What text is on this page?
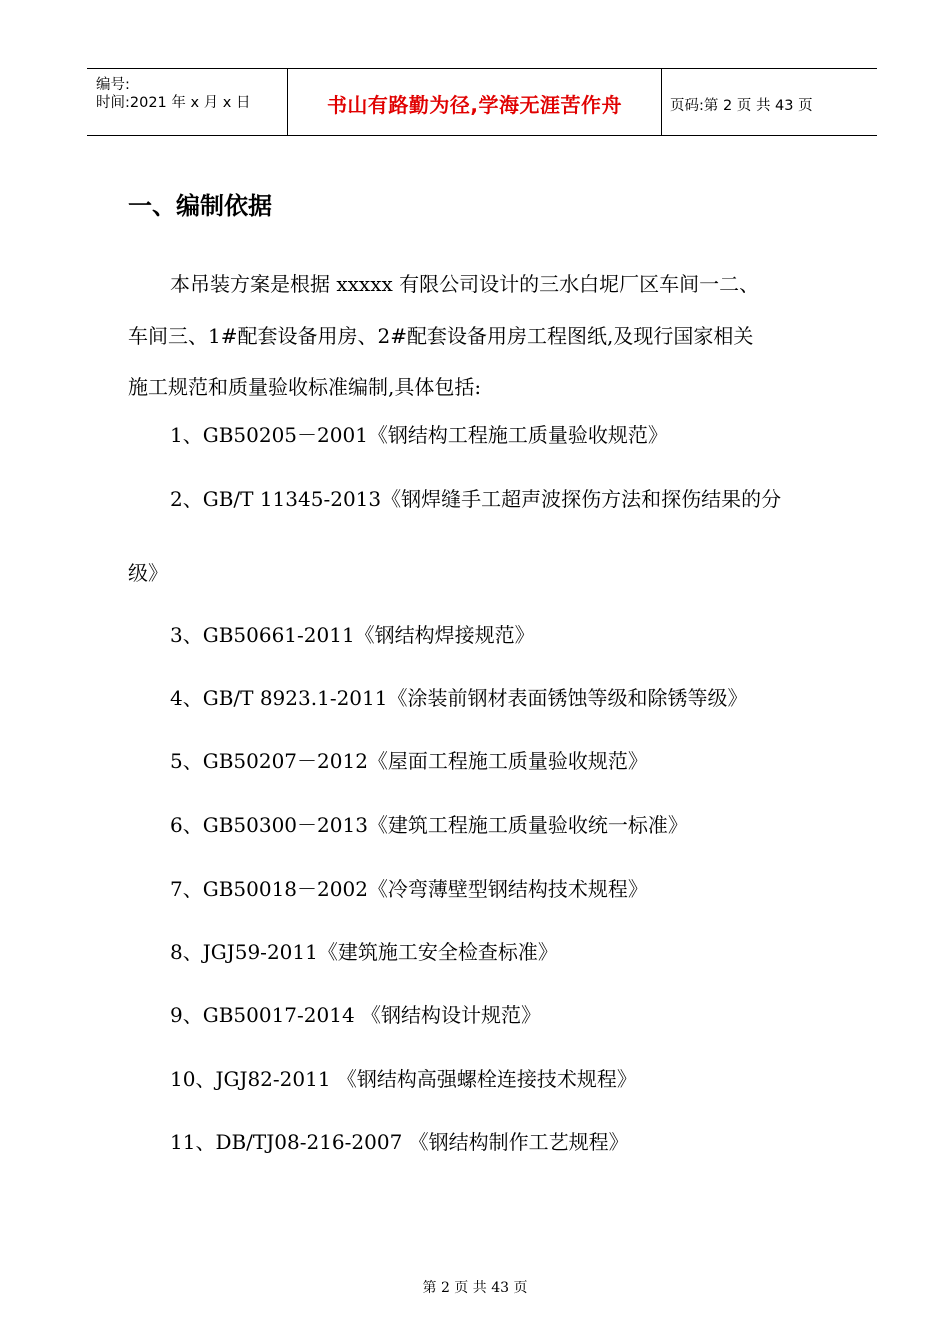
编号:
时间:2021 年 x 月 x 日	书山有路勤为径,学海无涯苦作舟	页码:第 2 页 共 43 页
一、编制依据
本吊装方案是根据 xxxxx 有限公司设计的三水白坭厂区车间一二、
车间三、1#配套设备用房、2#配套设备用房工程图纸,及现行国家相关
施工规范和质量验收标准编制,具体包括:
1、GB50205－2001《钢结构工程施工质量验收规范》
2、GB/T 11345-2013《钢焊缝手工超声波探伤方法和探伤结果的分
级》
3、GB50661-2011《钢结构焊接规范》
4、GB/T 8923.1-2011《涂装前钢材表面锈蚀等级和除锈等级》
5、GB50207－2012《屋面工程施工质量验收规范》
6、GB50300－2013《建筑工程施工质量验收统一标准》
7、GB50018－2002《冷弯薄壁型钢结构技术规程》
8、JGJ59-2011《建筑施工安全检查标准》
9、GB50017-2014 《钢结构设计规范》
10、JGJ82-2011 《钢结构高强螺栓连接技术规程》
11、DB/TJ08-216-2007 《钢结构制作工艺规程》
第 2 页 共 43 页
